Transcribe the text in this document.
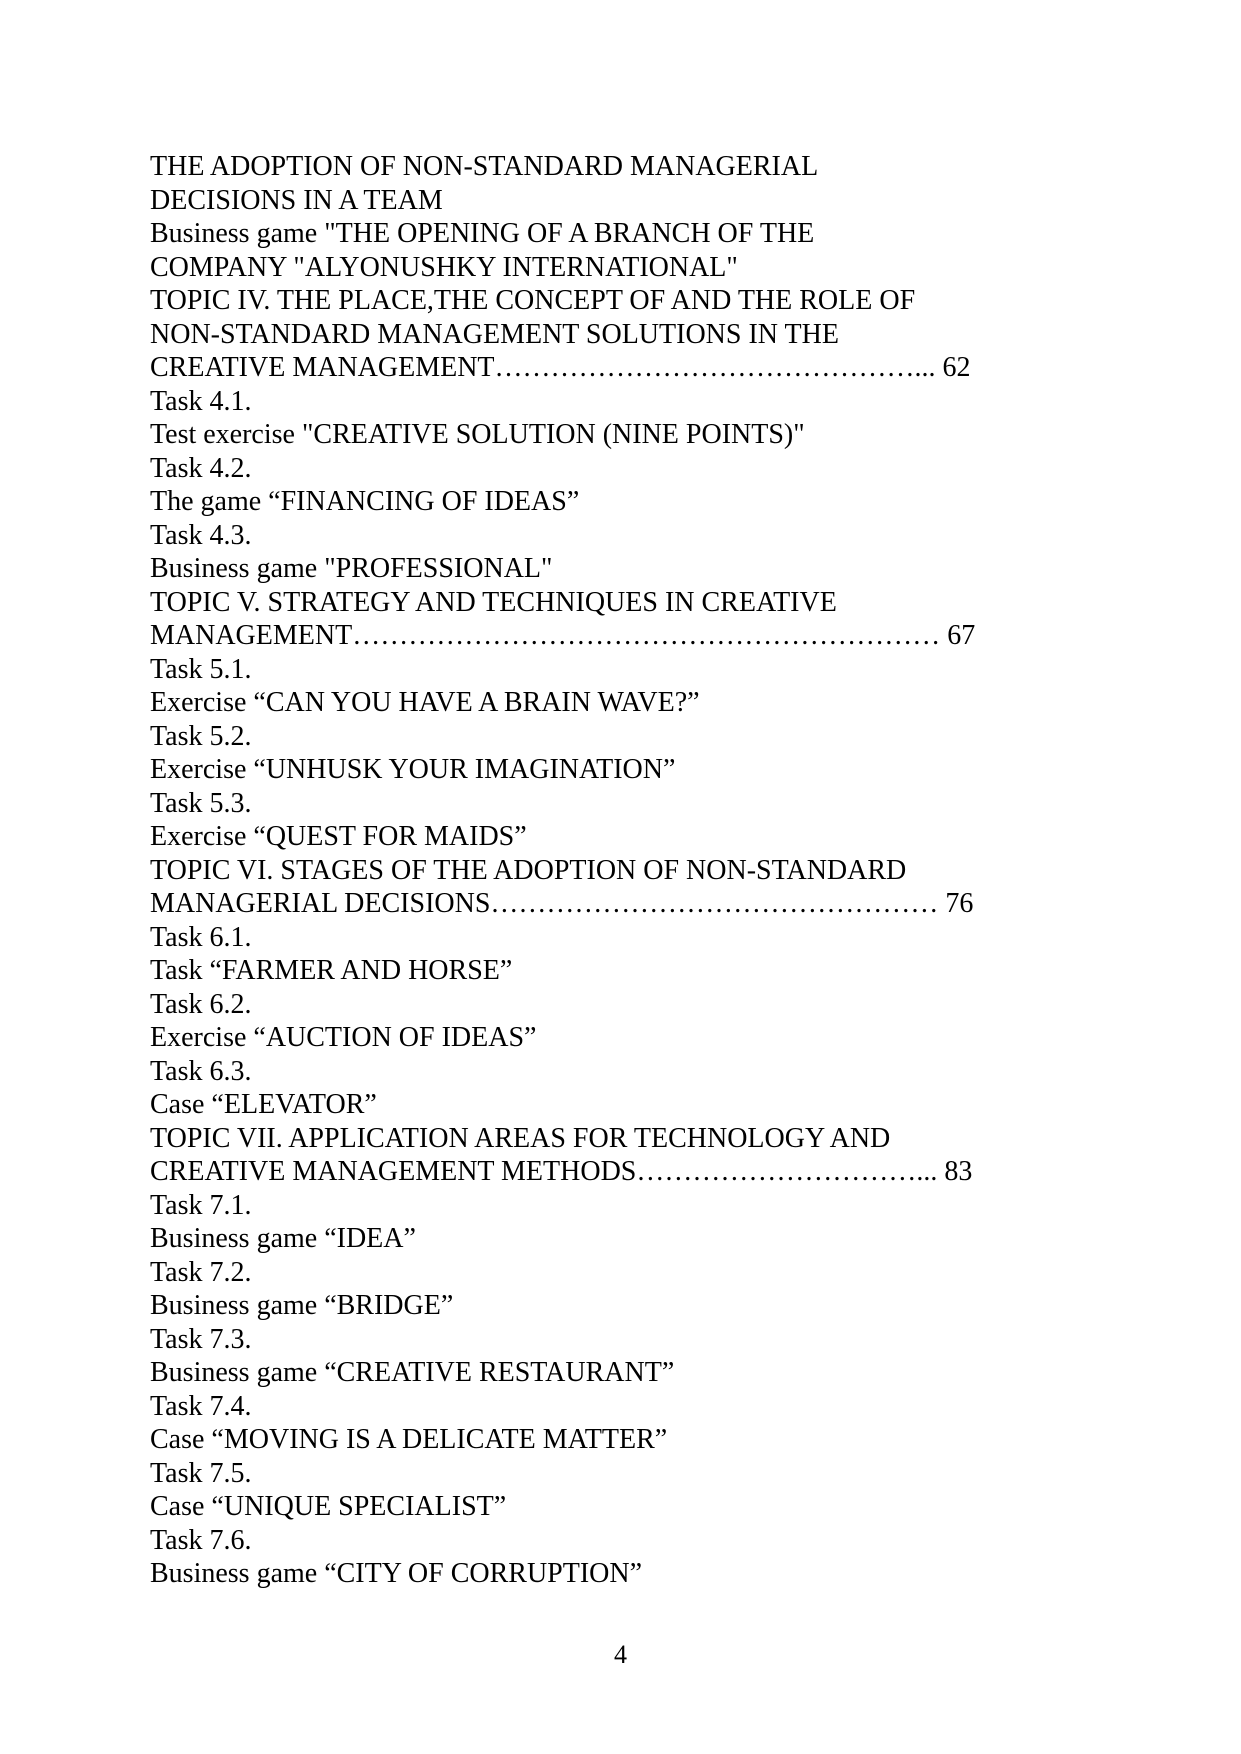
THE ADOPTION OF NON-STANDARD MANAGERIAL
DECISIONS IN A TEAM
Business game "THE OPENING OF A BRANCH OF THE
COMPANY "ALYONUSHKY INTERNATIONAL"
TOPIC IV. THE PLACE,THE CONCEPT OF AND THE ROLE OF
NON-STANDARD MANAGEMENT SOLUTIONS IN THE
CREATIVE MANAGEMENT………………………………………... 62
Task 4.1.
Test exercise "CREATIVE SOLUTION (NINE POINTS)"
Task 4.2.
The game “FINANCING OF IDEAS”
Task 4.3.
Business game "PROFESSIONAL"
TOPIC V. STRATEGY AND TECHNIQUES IN CREATIVE
MANAGEMENT……………………………………………………… 67
Task 5.1.
Exercise “CAN YOU HAVE A BRAIN WAVE?”
Task 5.2.
Exercise “UNHUSK YOUR IMAGINATION”
Task 5.3.
Exercise “QUEST FOR MAIDS”
TOPIC VI. STAGES OF THE ADOPTION OF NON-STANDARD
MANAGERIAL DECISIONS………………………………………… 76
Task 6.1.
Task “FARMER AND HORSE”
Task 6.2.
Exercise “AUCTION OF IDEAS”
Task 6.3.
Case “ELEVATOR”
TOPIC VII. APPLICATION AREAS FOR TECHNOLOGY AND
CREATIVE MANAGEMENT METHODS…………………………... 83
Task 7.1.
Business game “IDEA”
Task 7.2.
Business game “BRIDGE”
Task 7.3.
Business game “CREATIVE RESTAURANT”
Task 7.4.
Case “MOVING IS A DELICATE MATTER”
Task 7.5.
Case “UNIQUE SPECIALIST”
Task 7.6.
Business game “CITY OF CORRUPTION”
4
